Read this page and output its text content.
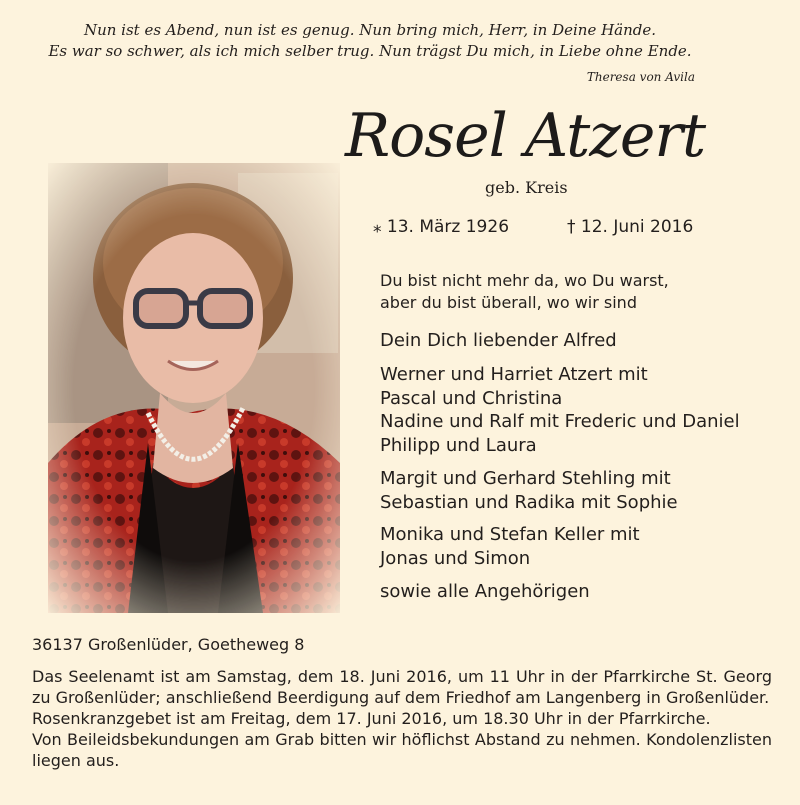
Nun ist es Abend, nun ist es genug. Nun bring mich, Herr, in Deine Hände.
Es war so schwer, als ich mich selber trug. Nun trägst Du mich, in Liebe ohne Ende.
Theresa von Avila
Rosel Atzert
geb. Kreis
⁎ 13. März 1926	† 12. Juni 2016
Du bist nicht mehr da, wo Du warst,
aber du bist überall, wo wir sind
Dein Dich liebender Alfred
Werner und Harriet Atzert mit
Pascal und Christina
Nadine und Ralf mit Frederic und Daniel
Philipp und Laura
Margit und Gerhard Stehling mit
Sebastian und Radika mit Sophie
Monika und Stefan Keller mit
Jonas und Simon
sowie alle Angehörigen
36137 Großenlüder, Goetheweg 8

Das Seelenamt ist am Samstag, dem 18. Juni 2016, um 11 Uhr in der Pfarrkirche St. Georg zu Großenlüder; anschließend Beerdigung auf dem Friedhof am Langenberg in Großenlüder.

Rosenkranzgebet ist am Freitag, dem 17. Juni 2016, um 18.30 Uhr in der Pfarrkirche.

Von Beileidsbekundungen am Grab bitten wir höflichst Abstand zu nehmen. Kondolenzlisten liegen aus.
